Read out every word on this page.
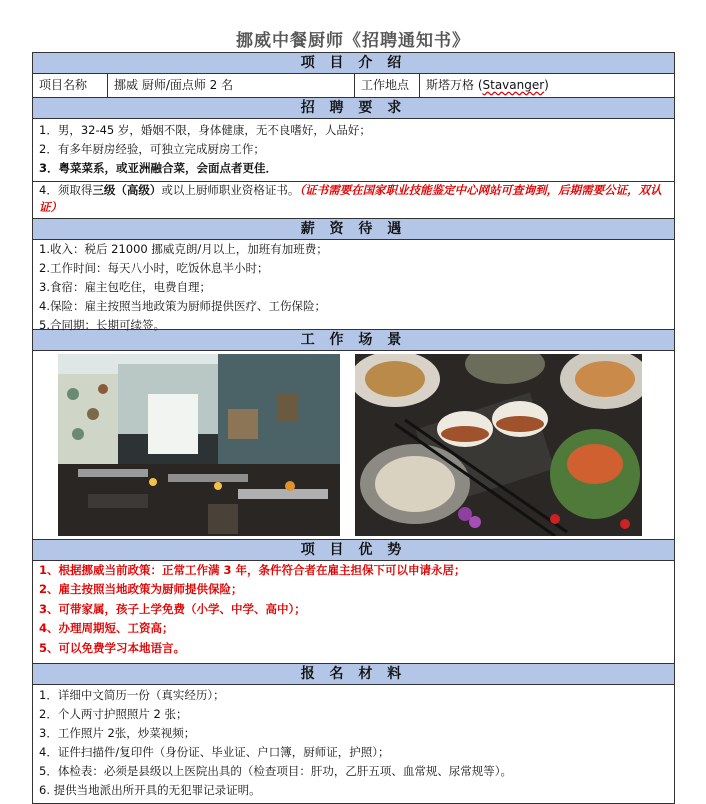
挪威中餐厨师《招聘通知书》
项 目 介 绍
项目名称	挪威 厨师/面点师 2 名	工作地点	斯塔万格 (Stavanger)
招 聘 要 求
1．男，32-45 岁，婚姻不限，身体健康，无不良嗜好，人品好；
2．有多年厨房经验，可独立完成厨房工作；
3．粤菜菜系，或亚洲融合菜，会面点者更佳．
4．须取得三级（高级）或以上厨师职业资格证书。（证书需要在国家职业技能鉴定中心网站可查询到，后期需要公证，双认证）
薪 资 待 遇
1.收入：税后 21000 挪威克朗/月以上，加班有加班费；
2.工作时间：每天八小时，吃饭休息半小时；
3.食宿：雇主包吃住，电费自理；
4.保险：雇主按照当地政策为厨师提供医疗、工伤保险；
5.合同期：长期可续签。
工 作 场 景
项 目 优 势
1、根据挪威当前政策：正常工作满 3 年，条件符合者在雇主担保下可以申请永居；
2、雇主按照当地政策为厨师提供保险；
3、可带家属，孩子上学免费（小学、中学、高中）；
4、办理周期短、工资高；
5、可以免费学习本地语言。
报 名 材 料
1．详细中文简历一份（真实经历）；
2．个人两寸护照照片 2 张；
3．工作照片 2张，炒菜视频；
4．证件扫描件/复印件（身份证、毕业证、户口簿，厨师证，护照）；
5．体检表：必须是县级以上医院出具的（检查项目：肝功，乙肝五项、血常规、尿常规等）。
6. 提供当地派出所开具的无犯罪记录证明。
